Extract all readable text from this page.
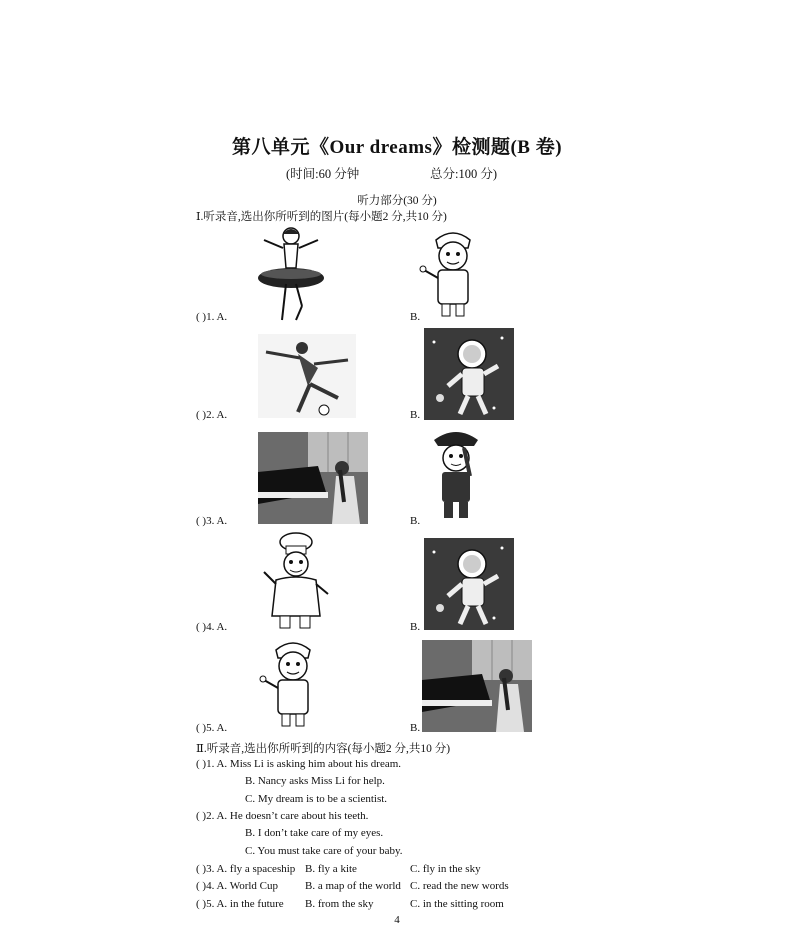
第八单元《Our dreams》检测题(B 卷)
(时间:60 分钟	总分:100 分)
听力部分(30 分)
Ⅰ.听录音,选出你所听到的图片(每小题2 分,共10 分)
( )1. A.	B.
( )2. A.	B.
( )3. A.	B.
( )4. A.	B.
( )5. A.	B.
Ⅱ.听录音,选出你所听到的内容(每小题2 分,共10 分)
( )1. A. Miss Li is asking him about his dream.
B. Nancy asks Miss Li for help.
C. My dream is to be a scientist.
( )2. A. He doesn’t care about his teeth.
B. I don’t take care of my eyes.
C. You must take care of your baby.
( )3. A. fly a spaceship B. fly a kite	C. fly in the sky
( )4. A. World Cup B. a map of the world C. read the new words
( )5. A. in the future B. from the sky	C. in the sitting room
4
